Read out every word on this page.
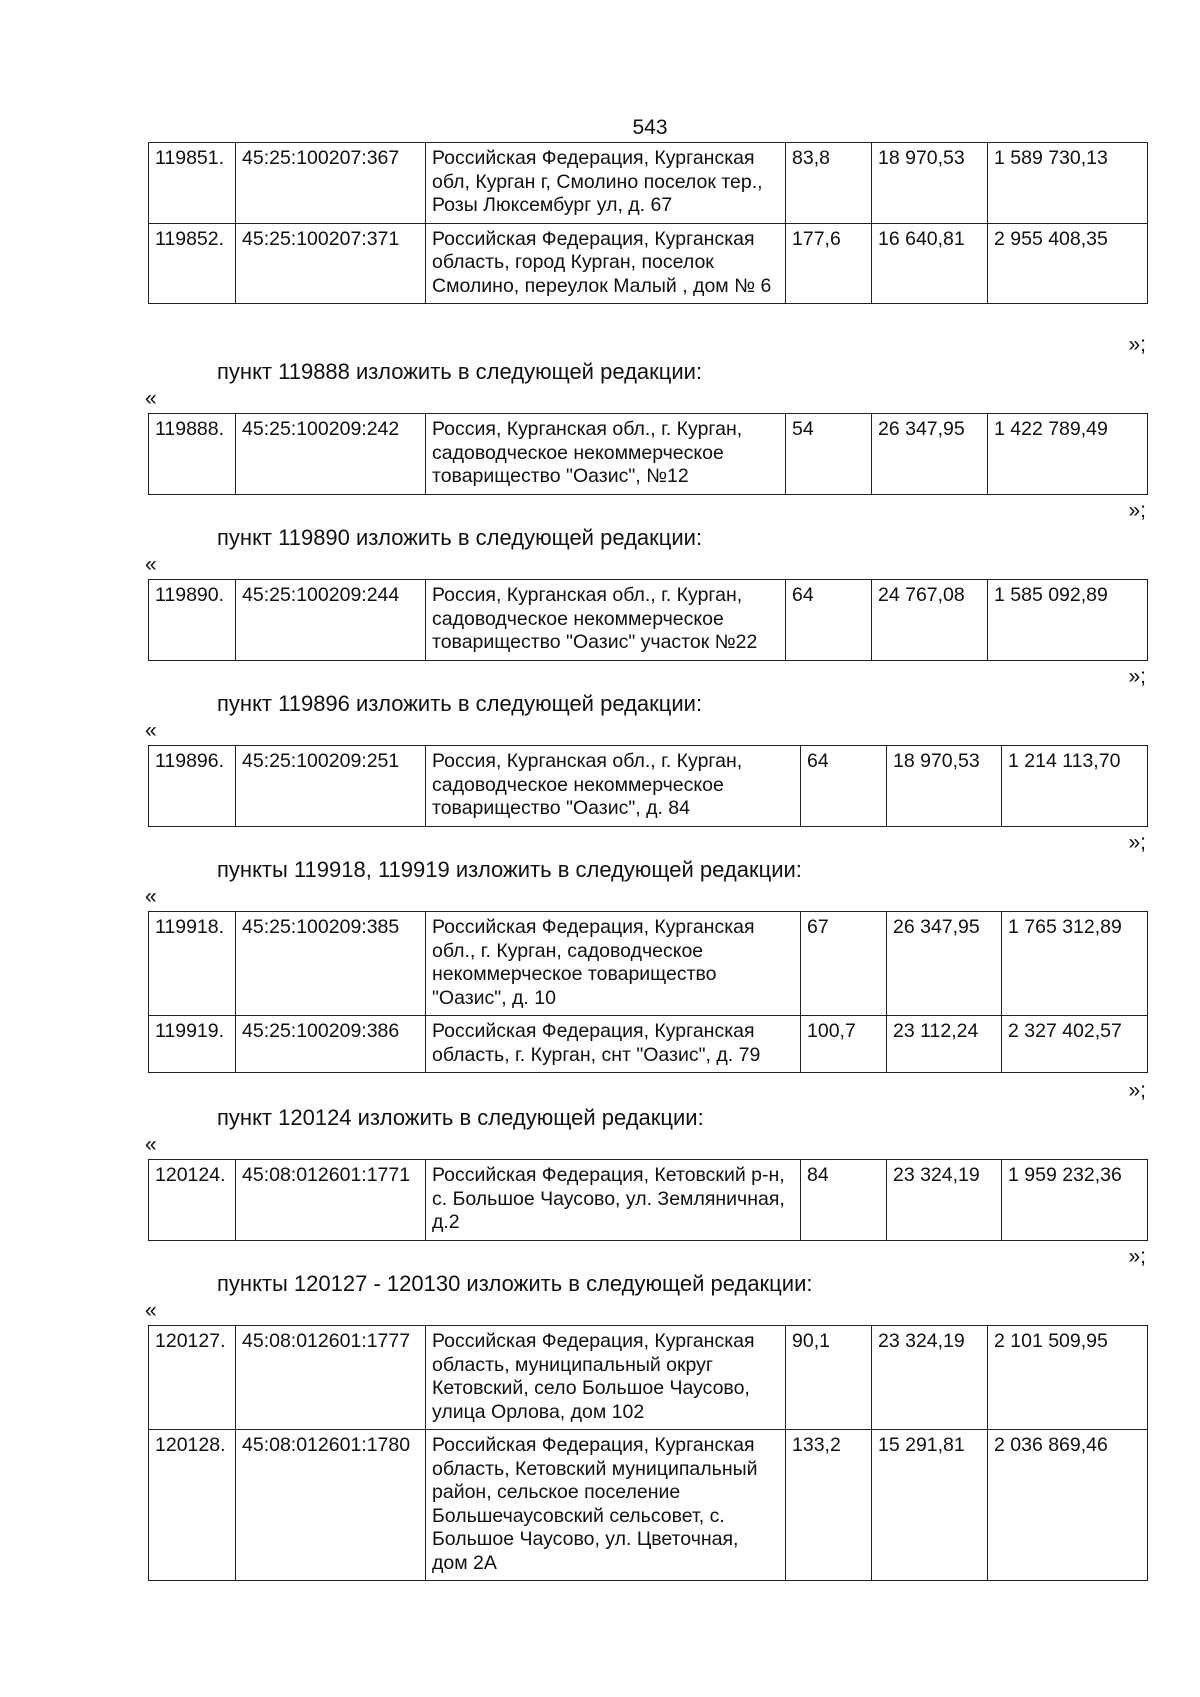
543
119851.	45:25:100207:367	Российская Федерация, Курганская обл, Курган г, Смолино поселок тер., Розы Люксембург ул, д. 67	83,8	18 970,53	1 589 730,13
119852.	45:25:100207:371	Российская Федерация, Курганская область, город Курган, поселок Смолино, переулок Малый , дом № 6	177,6	16 640,81	2 955 408,35
»;
пункт 119888 изложить в следующей редакции:
«
119888.	45:25:100209:242	Россия, Курганская обл., г. Курган, садоводческое некоммерческое товарищество "Оазис", №12	54	26 347,95	1 422 789,49
»;
пункт 119890 изложить в следующей редакции:
«
119890.	45:25:100209:244	Россия, Курганская обл., г. Курган, садоводческое некоммерческое товарищество "Оазис" участок №22	64	24 767,08	1 585 092,89
»;
пункт 119896 изложить в следующей редакции:
«
119896.	45:25:100209:251	Россия, Курганская обл., г. Курган, садоводческое некоммерческое товарищество "Оазис", д. 84	64	18 970,53	1 214 113,70
»;
пункты 119918, 119919 изложить в следующей редакции:
«
119918.	45:25:100209:385	Российская Федерация, Курганская обл., г. Курган, садоводческое некоммерческое товарищество "Оазис", д. 10	67	26 347,95	1 765 312,89
119919.	45:25:100209:386	Российская Федерация, Курганская область, г. Курган, снт "Оазис", д. 79	100,7	23 112,24	2 327 402,57
»;
пункт 120124 изложить в следующей редакции:
«
120124.	45:08:012601:1771	Российская Федерация, Кетовский р-н, с. Большое Чаусово, ул. Земляничная, д.2	84	23 324,19	1 959 232,36
»;
пункты 120127 - 120130 изложить в следующей редакции:
«
120127.	45:08:012601:1777	Российская Федерация, Курганская область, муниципальный округ Кетовский, село Большое Чаусово, улица Орлова, дом 102	90,1	23 324,19	2 101 509,95
120128.	45:08:012601:1780	Российская Федерация, Курганская область, Кетовский муниципальный район, сельское поселение Большечаусовский сельсовет, с. Большое Чаусово, ул. Цветочная, дом 2А	133,2	15 291,81	2 036 869,46
